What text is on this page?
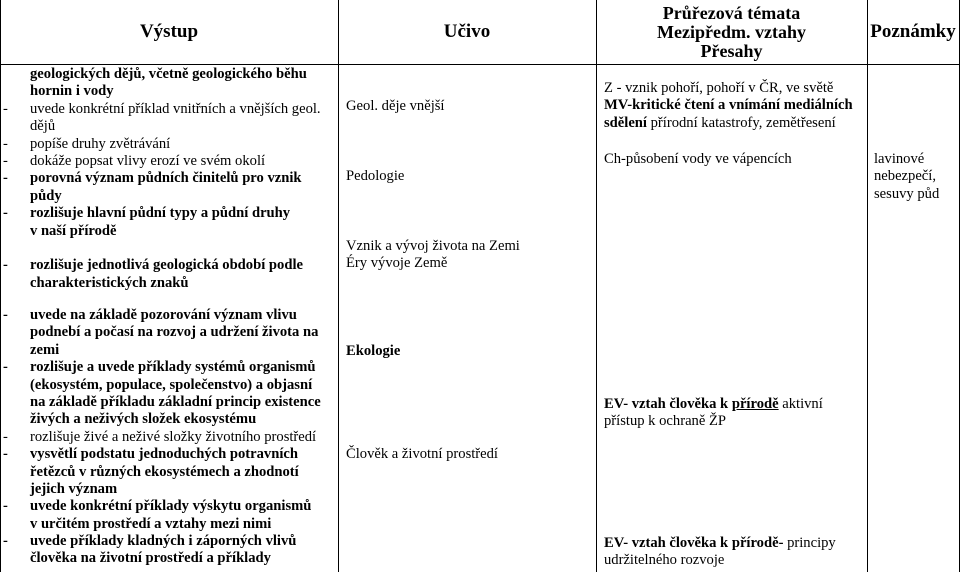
Výstup	Učivo
Průřezová témata
Mezipředm. vztahy
Přesahy
Poznámky
geologických dějů, včetně geologického běhu
hornin i vody
- uvede konkrétní příklad vnitřních a vnějších geol.
dějů
- popíše druhy zvětrávání
- dokáže popsat vlivy erozí ve svém okolí
- porovná význam půdních činitelů pro vznik
půdy
- rozlišuje hlavní půdní typy a půdní druhy
v naší přírodě
- rozlišuje jednotlivá geologická období podle
charakteristických znaků
- uvede na základě pozorování význam vlivu
podnebí a počasí na rozvoj a udržení života na
zemi
- rozlišuje a uvede příklady systémů organismů
(ekosystém, populace, společenstvo) a objasní
na základě příkladu základní princip existence
živých a neživých složek ekosystému
- rozlišuje živé a neživé složky životního prostředí
- vysvětlí podstatu jednoduchých potravních
řetězců v různých ekosystémech a zhodnotí
jejich význam
- uvede konkrétní příklady výskytu organismů
v určitém prostředí a vztahy mezi nimi
- uvede příklady kladných i záporných vlivů
člověka na životní prostředí a příklady
Geol. děje vnější
Pedologie
Vznik a vývoj života na Zemi
Éry vývoje Země
Ekologie
Člověk a životní prostředí
Z - vznik pohoří, pohoří v ČR, ve světě
MV-kritické čtení a vnímání mediálních
sdělení přírodní katastrofy, zemětřesení
Ch-působení vody ve vápencích
EV- vztah člověka k přírodě aktivní
přístup k ochraně ŽP
EV- vztah člověka k přírodě- principy
udržitelného rozvoje
lavinové
nebezpečí,
sesuvy půd
